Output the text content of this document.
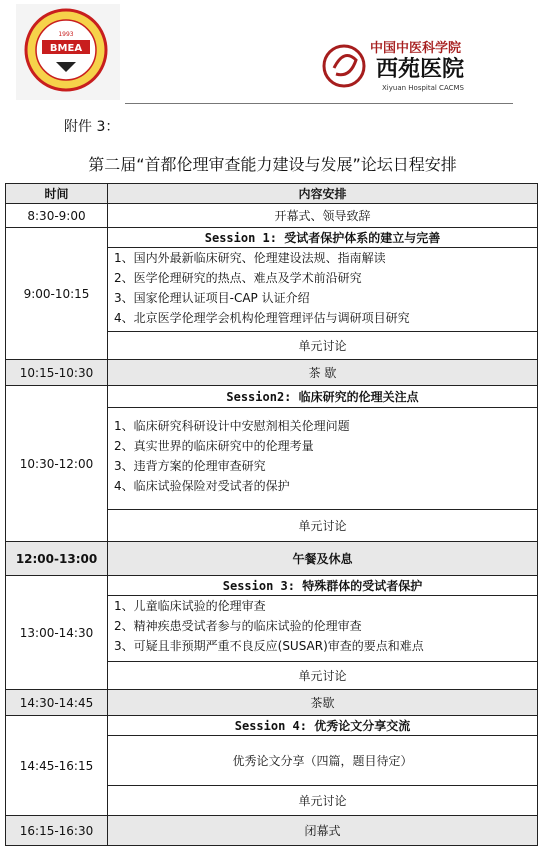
BMEA
1993
中国中医科学院
西苑医院
Xiyuan Hospital CACMS
附件 3：
第二届“首都伦理审查能力建设与发展”论坛日程安排
时间	内容安排
8:30-9:00	开幕式、领导致辞
9:00-10:15	Session 1: 受试者保护体系的建立与完善

	1、国内外最新临床研究、伦理建设法规、指南解读
2、医学伦理研究的热点、难点及学术前沿研究
3、国家伦理认证项目-CAP 认证介绍
4、北京医学伦理学会机构伦理管理评估与调研项目研究

	单元讨论
10:15-10:30	茶 歇
10:30-12:00	Session2: 临床研究的伦理关注点

	1、临床研究科研设计中安慰剂相关伦理问题
2、真实世界的临床研究中的伦理考量
3、违背方案的伦理审查研究
4、临床试验保险对受试者的保护

	单元讨论
12:00-13:00	午餐及休息
13:00-14:30	Session 3: 特殊群体的受试者保护

	1、儿童临床试验的伦理审查
2、精神疾患受试者参与的临床试验的伦理审查
3、可疑且非预期严重不良反应(SUSAR)审查的要点和难点

	单元讨论
14:30-14:45	茶歇
14:45-16:15	Session 4: 优秀论文分享交流
	优秀论文分享（四篇，题目待定）
	单元讨论
16:15-16:30	闭幕式
